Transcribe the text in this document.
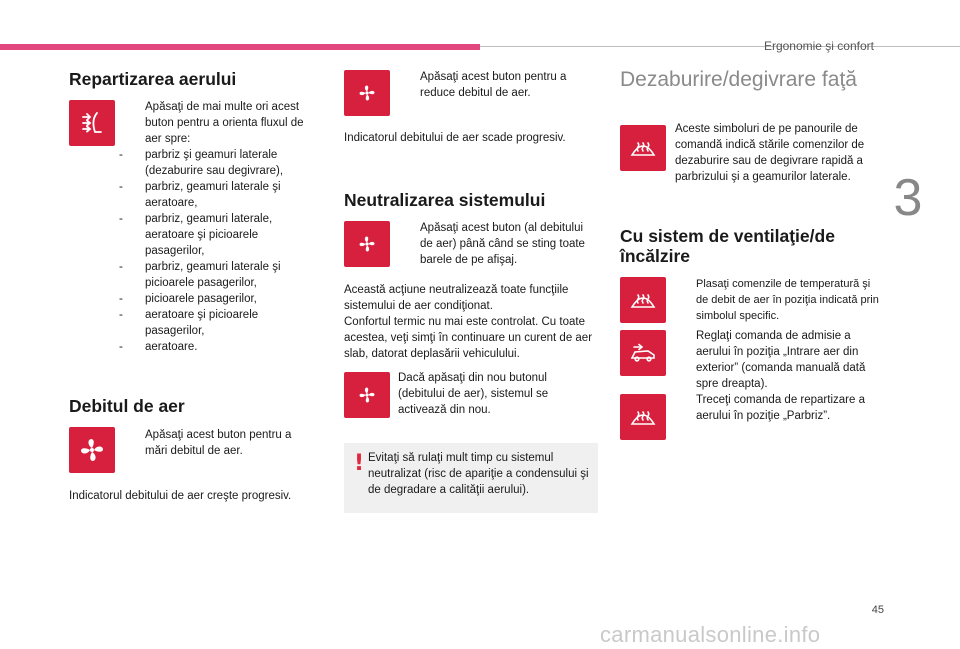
Ergonomie şi confort
3
Repartizarea aerului
Apăsaţi de mai multe ori acest buton pentru a orienta fluxul de aer spre:
- parbriz şi geamuri laterale (dezaburire sau degivrare),
- parbriz, geamuri laterale şi aeratoare,
- parbriz, geamuri laterale, aeratoare şi picioarele pasagerilor,
- parbriz, geamuri laterale şi picioarele pasagerilor,
- picioarele pasagerilor,
- aeratoare şi picioarele pasagerilor,
- aeratoare.
Debitul de aer
Apăsaţi acest buton pentru a mări debitul de aer.
Indicatorul debitului de aer creşte progresiv.
Apăsaţi acest buton pentru a reduce debitul de aer.
Indicatorul debitului de aer scade progresiv.
Neutralizarea sistemului
Apăsaţi acest buton (al debitului de aer) până când se sting toate barele de pe afişaj.
Această acţiune neutralizează toate funcţiile sistemului de aer condiţionat.
Confortul termic nu mai este controlat. Cu toate acestea, veţi simţi în continuare un curent de aer slab, datorat deplasării vehiculului.
Dacă apăsaţi din nou butonul (debitului de aer), sistemul se activează din nou.
! Evitaţi să rulaţi mult timp cu sistemul neutralizat (risc de apariţie a condensului şi de degradare a calităţii aerului).
Dezaburire/degivrare faţă
Aceste simboluri de pe panourile de comandă indică stările comenzilor de dezaburire sau de degivrare rapidă a parbrizului şi a geamurilor laterale.
Cu sistem de ventilaţie/de încălzire
Plasaţi comenzile de temperatură şi de debit de aer în poziţia indicată prin simbolul specific.
Reglaţi comanda de admisie a aerului în poziţia „Intrare aer din exterior” (comanda manuală dată spre dreapta).
Treceţi comanda de repartizare a aerului în poziţie „Parbriz”.
45
carmanualsonline.info
